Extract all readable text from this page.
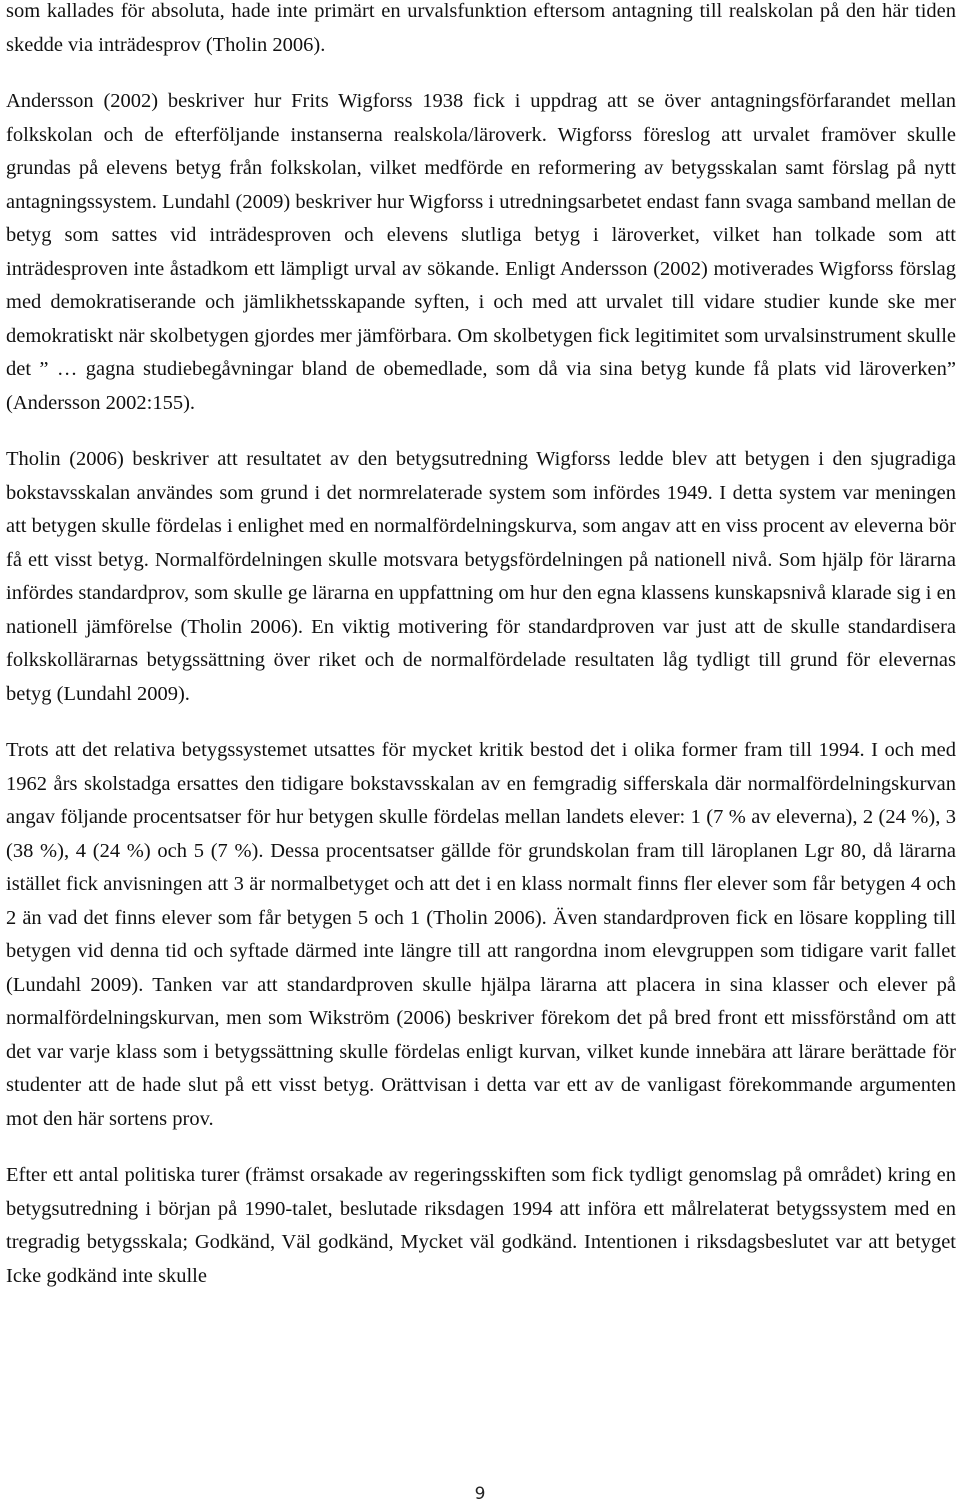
som kallades för absoluta, hade inte primärt en urvalsfunktion eftersom antagning till realskolan på den här tiden skedde via inträdesprov (Tholin 2006).

Andersson (2002) beskriver hur Frits Wigforss 1938 fick i uppdrag att se över antagningsförfarandet mellan folkskolan och de efterföljande instanserna realskola/läroverk. Wigforss föreslog att urvalet framöver skulle grundas på elevens betyg från folkskolan, vilket medförde en reformering av betygsskalan samt förslag på nytt antagningssystem. Lundahl (2009) beskriver hur Wigforss i utredningsarbetet endast fann svaga samband mellan de betyg som sattes vid inträdesproven och elevens slutliga betyg i läroverket, vilket han tolkade som att inträdesproven inte åstadkom ett lämpligt urval av sökande. Enligt Andersson (2002) motiverades Wigforss förslag med demokratiserande och jämlikhetsskapande syften, i och med att urvalet till vidare studier kunde ske mer demokratiskt när skolbetygen gjordes mer jämförbara. Om skolbetygen fick legitimitet som urvalsinstrument skulle det ” … gagna studiebegåvningar bland de obemedlade, som då via sina betyg kunde få plats vid läroverken” (Andersson 2002:155).

Tholin (2006) beskriver att resultatet av den betygsutredning Wigforss ledde blev att betygen i den sjugradiga bokstavsskalan användes som grund i det normrelaterade system som infördes 1949. I detta system var meningen att betygen skulle fördelas i enlighet med en normalfördelningskurva, som angav att en viss procent av eleverna bör få ett visst betyg. Normalfördelningen skulle motsvara betygsfördelningen på nationell nivå. Som hjälp för lärarna infördes standardprov, som skulle ge lärarna en uppfattning om hur den egna klassens kunskapsnivå klarade sig i en nationell jämförelse (Tholin 2006). En viktig motivering för standardproven var just att de skulle standardisera folkskollärarnas betygssättning över riket och de normalfördelade resultaten låg tydligt till grund för elevernas betyg (Lundahl 2009).

Trots att det relativa betygssystemet utsattes för mycket kritik bestod det i olika former fram till 1994. I och med 1962 års skolstadga ersattes den tidigare bokstavsskalan av en femgradig sifferskala där normalfördelningskurvan angav följande procentsatser för hur betygen skulle fördelas mellan landets elever: 1 (7 % av eleverna), 2 (24 %), 3 (38 %), 4 (24 %) och 5 (7 %). Dessa procentsatser gällde för grundskolan fram till läroplanen Lgr 80, då lärarna istället fick anvisningen att 3 är normalbetyget och att det i en klass normalt finns fler elever som får betygen 4 och 2 än vad det finns elever som får betygen 5 och 1 (Tholin 2006). Även standardproven fick en lösare koppling till betygen vid denna tid och syftade därmed inte längre till att rangordna inom elevgruppen som tidigare varit fallet (Lundahl 2009). Tanken var att standardproven skulle hjälpa lärarna att placera in sina klasser och elever på normalfördelningskurvan, men som Wikström (2006) beskriver förekom det på bred front ett missförstånd om att det var varje klass som i betygssättning skulle fördelas enligt kurvan, vilket kunde innebära att lärare berättade för studenter att de hade slut på ett visst betyg. Orättvisan i detta var ett av de vanligast förekommande argumenten mot den här sortens prov.

Efter ett antal politiska turer (främst orsakade av regeringsskiften som fick tydligt genomslag på området) kring en betygsutredning i början på 1990-talet, beslutade riksdagen 1994 att införa ett målrelaterat betygssystem med en tregradig betygsskala; Godkänd, Väl godkänd, Mycket väl godkänd. Intentionen i riksdagsbeslutet var att betyget Icke godkänd inte skulle

9
